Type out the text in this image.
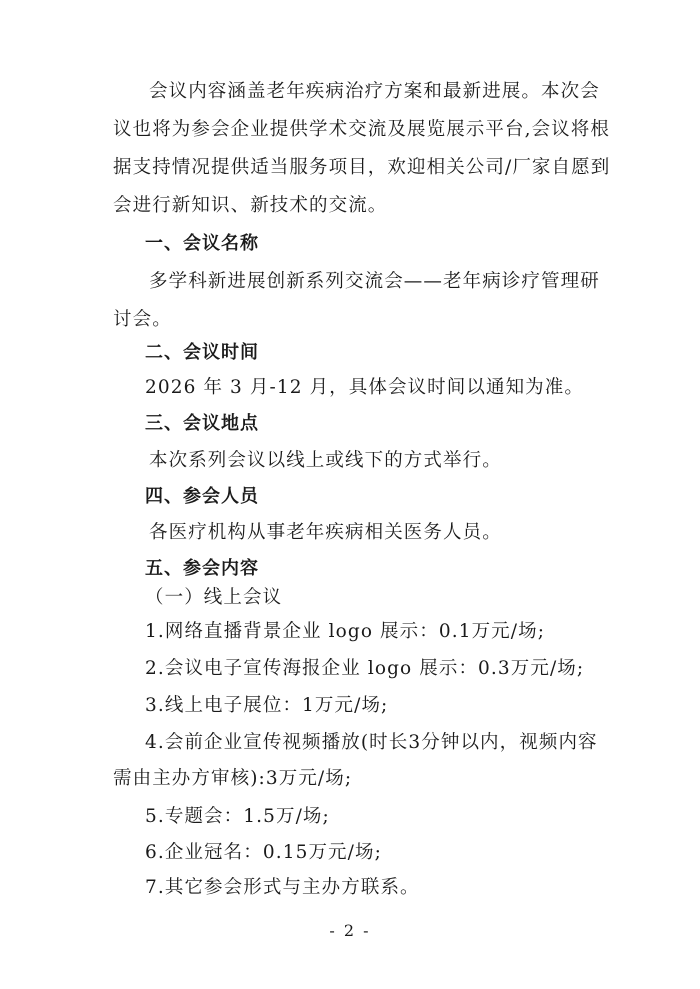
会议内容涵盖老年疾病治疗方案和最新进展。本次会
议也将为参会企业提供学术交流及展览展示平台,会议将根
据支持情况提供适当服务项目，欢迎相关公司/厂家自愿到
会进行新知识、新技术的交流。
一、会议名称
多学科新进展创新系列交流会——老年病诊疗管理研
讨会。
二、会议时间
2026 年 3 月-12 月，具体会议时间以通知为准。
三、会议地点
本次系列会议以线上或线下的方式举行。
四、参会人员
各医疗机构从事老年疾病相关医务人员。
五、参会内容
（一）线上会议
1.网络直播背景企业 logo 展示：0.1万元/场;
2.会议电子宣传海报企业 logo 展示：0.3万元/场;
3.线上电子展位：1万元/场;
4.会前企业宣传视频播放(时长3分钟以内，视频内容
需由主办方审核):3万元/场;
5.专题会：1.5万/场;
6.企业冠名：0.15万元/场;
7.其它参会形式与主办方联系。
- 2 -
